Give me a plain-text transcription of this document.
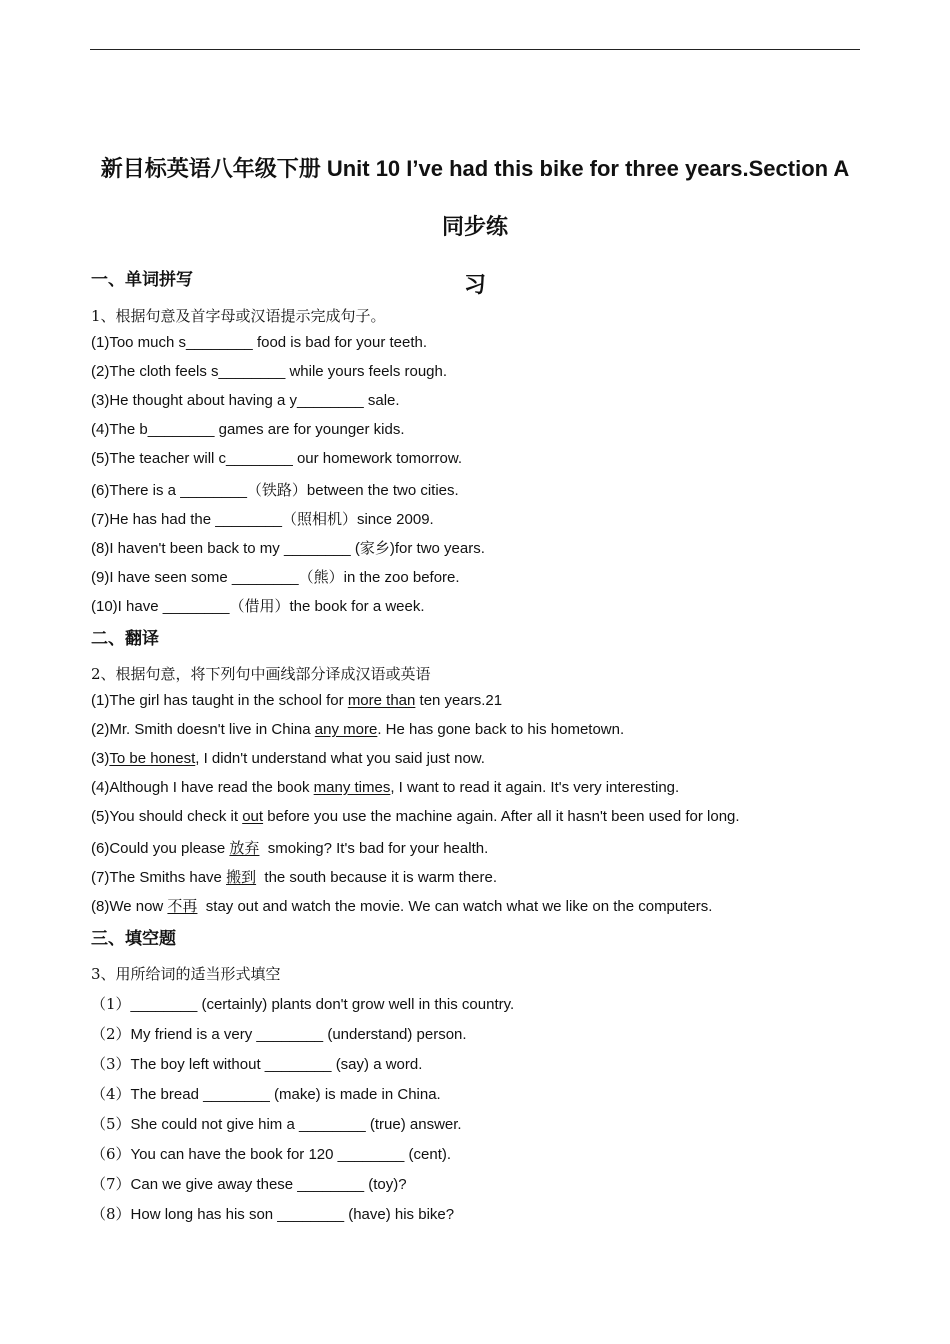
新目标英语八年级下册 Unit 10 I’ve had this bike for three years.Section A 同步练
习
一、单词拼写
1、根据句意及首字母或汉语提示完成句子。
(1)Too much s________ food is bad for your teeth.
(2)The cloth feels s________ while yours feels rough.
(3)He thought about having a y________ sale.
(4)The b________ games are for younger kids.
(5)The teacher will c________ our homework tomorrow.
(6)There is a ________（铁路）between the two cities.
(7)He has had the ________（照相机）since 2009.
(8)I haven't been back to my ________ (家乡)for two years.
(9)I have seen some ________（熊）in the zoo before.
(10)I have ________（借用）the book for a week.
二、翻译
2、根据句意，将下列句中画线部分译成汉语或英语
(1)The girl has taught in the school for more than ten years.21
(2)Mr. Smith doesn't live in China any more. He has gone back to his hometown.
(3)To be honest, I didn't understand what you said just now.
(4)Although I have read the book many times, I want to read it again. It's very interesting.
(5)You should check it out before you use the machine again. After all it hasn't been used for long.
(6)Could you please 放弃  smoking? It's bad for your health.
(7)The Smiths have 搬到  the south because it is warm there.
(8)We now 不再  stay out and watch the movie. We can watch what we like on the computers.
三、填空题
3、用所给词的适当形式填空
（1）________ (certainly) plants don't grow well in this country.
（2）My friend is a very ________ (understand) person.
（3）The boy left without ________ (say) a word.
（4）The bread ________ (make) is made in China.
（5）She could not give him a ________ (true) answer.
（6）You can have the book for 120 ________ (cent).
（7）Can we give away these ________ (toy)?
（8）How long has his son ________ (have) his bike?
